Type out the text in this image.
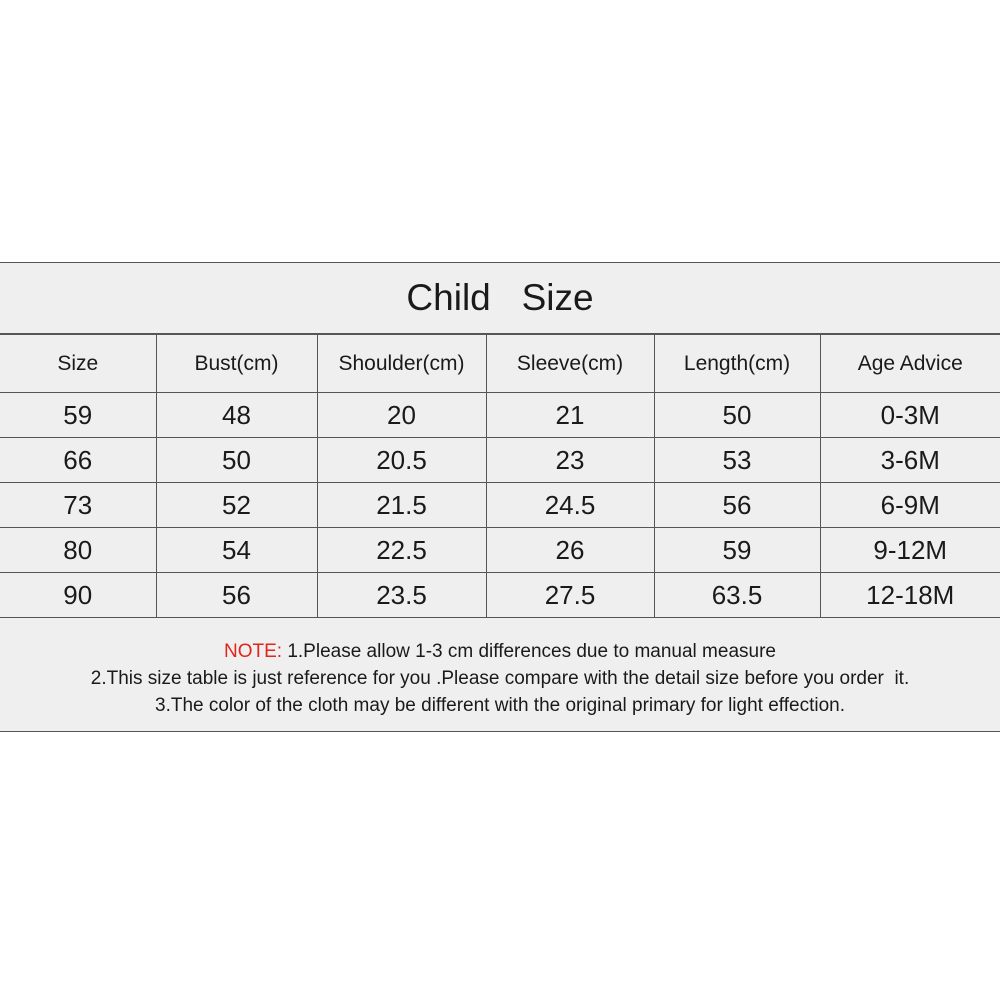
Child   Size
Size	Bust(cm)	Shoulder(cm)	Sleeve(cm)	Length(cm)	Age Advice
59	48	20	21	50	0-3M
66	50	20.5	23	53	3-6M
73	52	21.5	24.5	56	6-9M
80	54	22.5	26	59	9-12M
90	56	23.5	27.5	63.5	12-18M
NOTE: 1.Please allow 1-3 cm differences due to manual measure
2.This size table is just reference for you .Please compare with the detail size before you order  it.
3.The color of the cloth may be different with the original primary for light effection.
